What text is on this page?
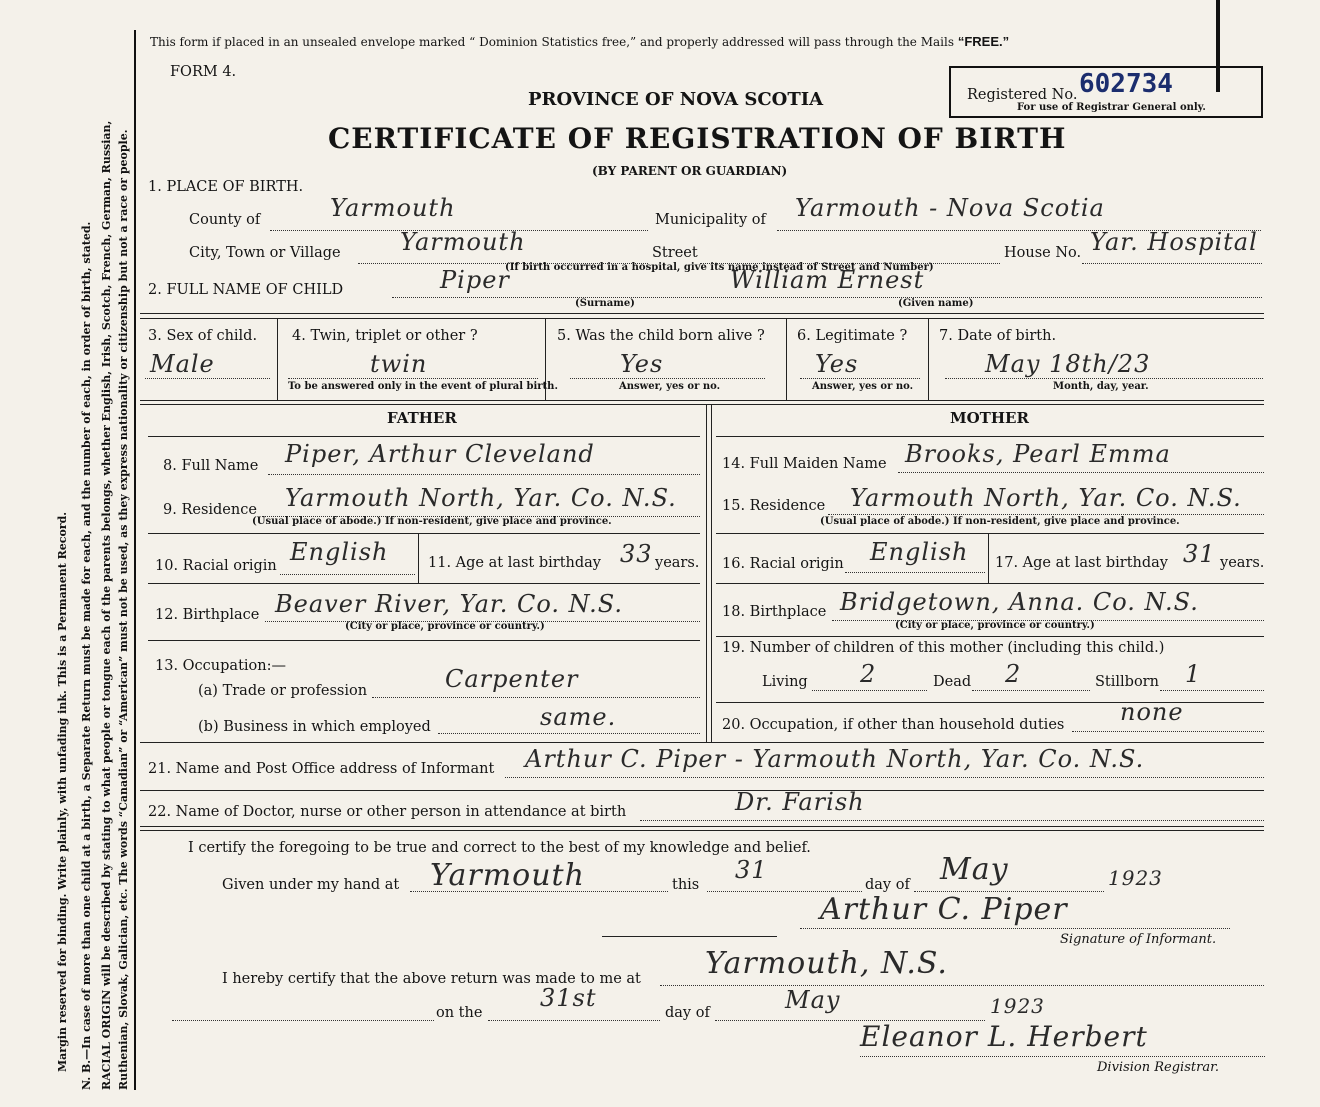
Margin reserved for binding. Write plainly, with unfading ink. This is a Permanent Record. N. B.—In case of more than one child at a birth, a Separate Return must be made for each, and the number of each, in order of birth, stated. RACIAL ORIGIN will be described by stating to what people or tongue each of the parents belongs, whether English, Irish, Scotch, French, German, Russian, Ruthenian, Slovak, Galician, etc. The words “Canadian” or “American” must not be used, as they express nationality or citizenship but not a race or people.
This form if placed in an unsealed envelope marked “ Dominion Statistics free,” and properly addressed will pass through the Mails “FREE.”
FORM 4.
Registered No. 602734
For use of Registrar General only.
PROVINCE OF NOVA SCOTIA
CERTIFICATE OF REGISTRATION OF BIRTH
(BY PARENT OR GUARDIAN)
1. PLACE OF BIRTH.
County of	Yarmouth	Municipality of Yarmouth - Nova Scotia
City, Town or Village Yarmouth	Street
(If birth occurred in a hospital, give its name instead of Street and Number)
House No. Yar. Hospital
2. FULL NAME OF CHILD	Piper	William Ernest
(Surname)	(Given name)
3. Sex of child.
Male
4. Twin, triplet or other ?
twin
To be answered only in the event of plural birth.
5. Was the child born alive ?
Yes
Answer, yes or no.
6. Legitimate ?
Yes
Answer, yes or no.
7. Date of birth.
May 18th/23
Month, day, year.
FATHER	MOTHER
8. Full Name Piper, Arthur Cleveland
9. Residence Yarmouth North, Yar. Co. N.S.
(Usual place of abode.) If non-resident, give place and province.
10. Racial origin English	11. Age at last birthday 33 years.
12. Birthplace Beaver River, Yar. Co. N.S.
(City or place, province or country.)
13. Occupation:—
(a) Trade or profession	Carpenter
(b) Business in which employed	same.
14. Full Maiden Name Brooks, Pearl Emma
15. Residence Yarmouth North, Yar. Co. N.S.
(Usual place of abode.) If non-resident, give place and province.
16. Racial origin English 17. Age at last birthday 31 years.
18. Birthplace Bridgetown, Anna. Co. N.S.
(City or place, province or country.)
19. Number of children of this mother (including this child.)
Living 2	Dead 2	Stillborn 1
20. Occupation, if other than household duties none
21. Name and Post Office address of Informant Arthur C. Piper - Yarmouth North, Yar. Co. N.S.
22. Name of Doctor, nurse or other person in attendance at birth	Dr. Farish
I certify the foregoing to be true and correct to the best of my knowledge and belief.
Given under my hand at Yarmouth	this
31
day of May	1923
Arthur C. Piper
Signature of Informant.
I hereby certify that the above return was made to me at Yarmouth, N.S.
on the
31st
day of	May	1923
Eleanor L. Herbert
Division Registrar.
